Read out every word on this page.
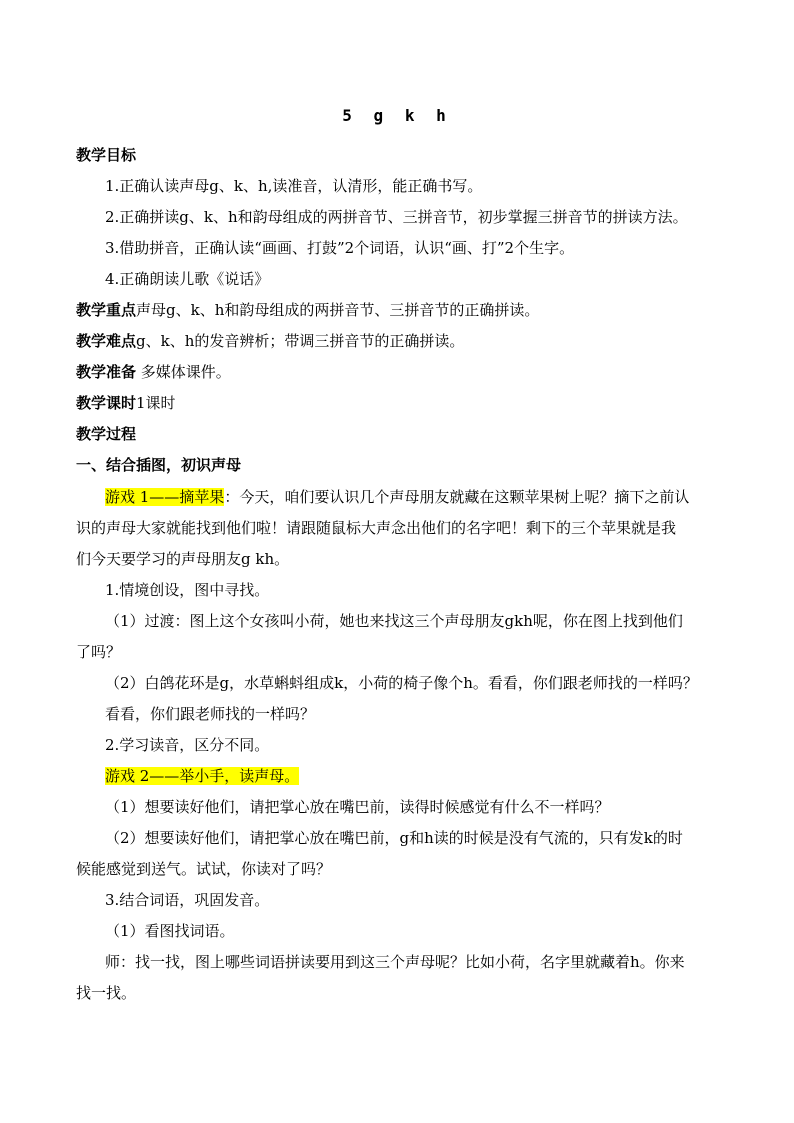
5 g k h
教学目标
1.正确认读声母g、k、h,读准音，认清形，能正确书写。
2.正确拼读g、k、h和韵母组成的两拼音节、三拼音节，初步掌握三拼音节的拼读方法。
3.借助拼音，正确认读“画画、打鼓”2个词语，认识“画、打”2个生字。
4.正确朗读儿歌《说话》
教学重点声母g、k、h和韵母组成的两拼音节、三拼音节的正确拼读。
教学难点g、k、h的发音辨析；带调三拼音节的正确拼读。
教学准备 多媒体课件。
教学课时1课时
教学过程
一、结合插图，初识声母
游戏 1——摘苹果：今天，咱们要认识几个声母朋友就藏在这颗苹果树上呢？摘下之前认
识的声母大家就能找到他们啦！请跟随鼠标大声念出他们的名字吧！剩下的三个苹果就是我
们今天要学习的声母朋友g kh。
1.情境创设，图中寻找。
（1）过渡：图上这个女孩叫小荷，她也来找这三个声母朋友gkh呢，你在图上找到他们
了吗？
（2）白鸽花环是g，水草蝌蚪组成k，小荷的椅子像个h。看看，你们跟老师找的一样吗？
看看，你们跟老师找的一样吗？
2.学习读音，区分不同。
游戏 2——举小手，读声母。
（1）想要读好他们，请把掌心放在嘴巴前，读得时候感觉有什么不一样吗？
（2）想要读好他们，请把掌心放在嘴巴前，g和h读的时候是没有气流的，只有发k的时
候能感觉到送气。试试，你读对了吗？
3.结合词语，巩固发音。
（1）看图找词语。
师：找一找，图上哪些词语拼读要用到这三个声母呢？比如小荷，名字里就藏着h。你来
找一找。
